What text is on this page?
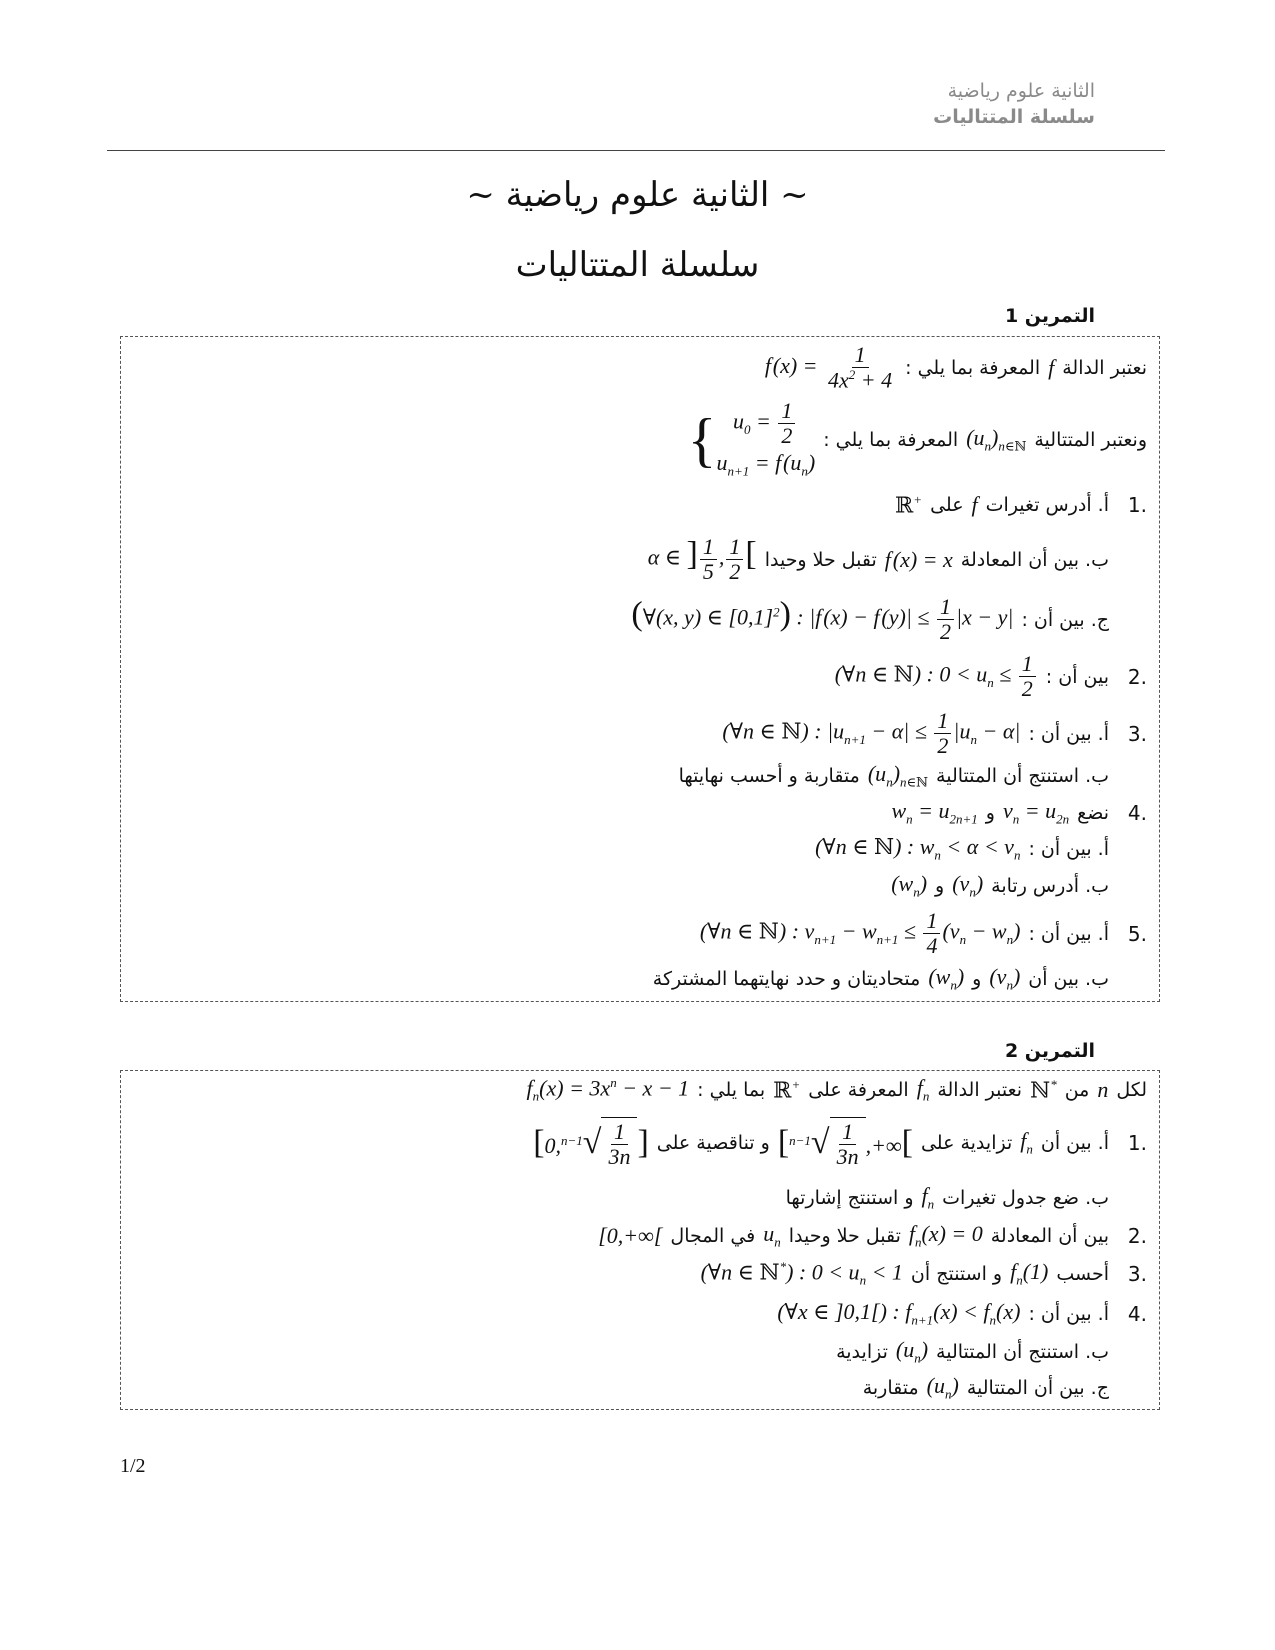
الثانية علوم رياضية
سلسلة المتتاليات
~ الثانية علوم رياضية ~
سلسلة المتتاليات
التمرين 1
نعتبر الدالة
f
المعرفة بما يلي :
f $(x) = \frac{1}{4x^2 + 4}$
ونعتبر المتتالية
$(u_n)_{n\in ℕ}$
المعرفة بما يلي :
{ $u_0 = \frac{1}{2}$
$u_{n+1} = f$ $(u_n)$
.1
أ. أدرس تغيرات
f
على
ℝ+
ب. بين أن المعادلة
f (x) = x
تقبل حلا وحيدا
α ∈ ] $\frac{1}{5}$ , $\frac{1}{2}$ [
ج. بين أن :
(∀(x, y) ∈ $[0,1]^2$) : |f (x) − f $(y)| \le \frac{1}{2} |x - y|$
.2
بين أن :
(∀n ∈ ℕ) : $0 < u_n \le \frac{1}{2}$
.3
أ. بين أن :
(∀n ∈ ℕ) : $|u_{n+1} - \alpha| \le \frac{1}{2} |u_n - \alpha|$
ب. استنتج أن المتتالية
$(u_n)_{n\in ℕ}$
متقاربة و أحسب نهايتها
.4
نضع
$v_n = u_{2n}$
و
$w_n = u_{2n+1}$
أ. بين أن :
(∀n ∈ ℕ) : $w_n < \alpha < v_n$
ب. أدرس رتابة
$(v_n)$
و
$(w_n)$
.5
أ. بين أن :
(∀n ∈ ℕ) : $v_{n+1} - w_{n+1} \le \frac{1}{4} (v_n - w_n)$
ب. بين أن
$(v_n)$
و
$(w_n)$
متحاديتان و حدد نهايتهما المشتركة
التمرين 2
لكل
n
من
ℕ*
نعتبر الدالة
$f_n$
المعرفة على
ℝ+
بما يلي :
$f_n(x) = 3x^n - x - 1$
.1
أ. بين أن
$f_n$
تزايدية على
[$^{n-1}$ √ $\frac{1}{3n}$ ,+∞[
و تناقصية على
[0,$^{n-1}$ √ $\frac{1}{3n}$ ]
ب. ضع جدول تغيرات
$f_n$
و استنتج إشارتها
.2
بين أن المعادلة
$f_n(x) = 0$
تقبل حلا وحيدا
$u_n$
في المجال
[0,+∞[
.3
أحسب
$f_n(1)$
و استنتج أن
(∀n ∈ ℕ*) : $0 < u_n < 1$
.4
أ. بين أن :
(∀x ∈ ]0,1[) : $f_{n+1}(x) < f_n(x)$
ب. استنتج أن المتتالية
$(u_n)$
تزايدية
ج. بين أن المتتالية
$(u_n)$
متقاربة
1/2
